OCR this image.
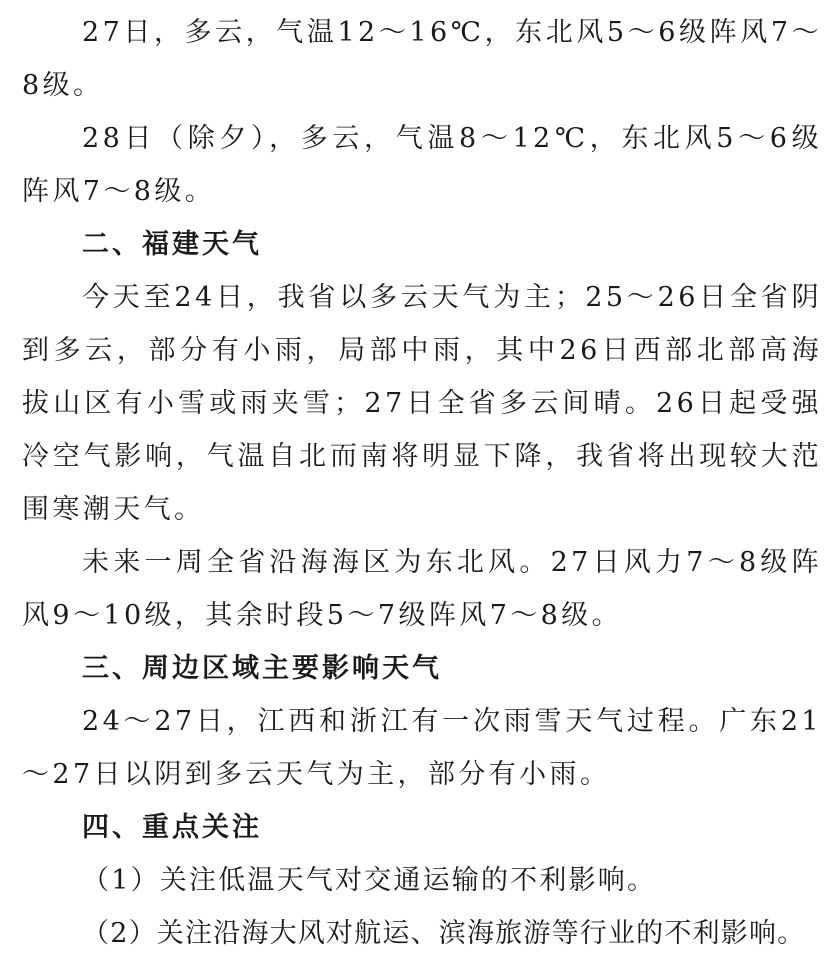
27日，多云，气温12～16℃，东北风5～6级阵风7～8级。

28日（除夕），多云，气温8～12℃，东北风5～6级阵风7～8级。

二、福建天气

今天至24日，我省以多云天气为主；25～26日全省阴到多云，部分有小雨，局部中雨，其中26日西部北部高海拔山区有小雪或雨夹雪；27日全省多云间晴。26日起受强冷空气影响，气温自北而南将明显下降，我省将出现较大范围寒潮天气。

未来一周全省沿海海区为东北风。27日风力7～8级阵风9～10级，其余时段5～7级阵风7～8级。

三、周边区域主要影响天气

24～27日，江西和浙江有一次雨雪天气过程。广东21～27日以阴到多云天气为主，部分有小雨。

四、重点关注

（1）关注低温天气对交通运输的不利影响。

（2）关注沿海大风对航运、滨海旅游等行业的不利影响。
